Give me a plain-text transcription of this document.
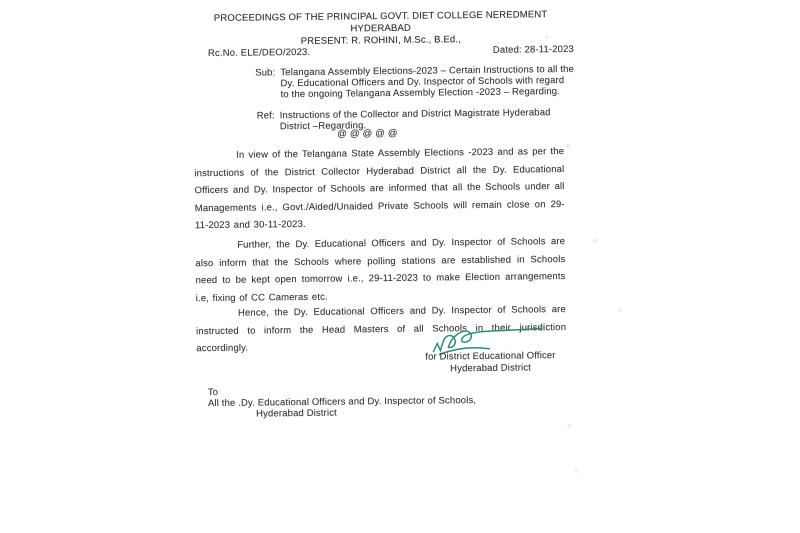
PROCEEDINGS OF THE PRINCIPAL GOVT. DIET COLLEGE NEREDMENT HYDERABAD
PRESENT: R. ROHINI, M.Sc., B.Ed.,
Rc.No. ELE/DEO/2023.	Dated: 28-11-2023
Sub: Telangana Assembly Elections-2023 – Certain Instructions to all the
Dy. Educational Officers and Dy. Inspector of Schools with regard
to the ongoing Telangana Assembly Election -2023 – Regarding.
Ref: Instructions of the Collector and District Magistrate Hyderabad
District –Regarding.
@@@@@

In view of the Telangana State Assembly Elections -2023 and as per the instructions of the District Collector Hyderabad District all the Dy. Educational Officers and Dy. Inspector of Schools are informed that all the Schools under all Managements i.e., Govt./Aided/Unaided Private Schools will remain close on 29-11-2023 and 30-11-2023.

Further, the Dy. Educational Officers and Dy. Inspector of Schools are also inform that the Schools where polling stations are established in Schools need to be kept open tomorrow i.e., 29-11-2023 to make Election arrangements i.e, fixing of CC Cameras etc.

Hence, the Dy. Educational Officers and Dy. Inspector of Schools are instructed to inform the Head Masters of all Schools in their jurisdiction accordingly.

for District Educational Officer
Hyderabad District
To
All the .Dy. Educational Officers and Dy. Inspector of Schools,
Hyderabad District
